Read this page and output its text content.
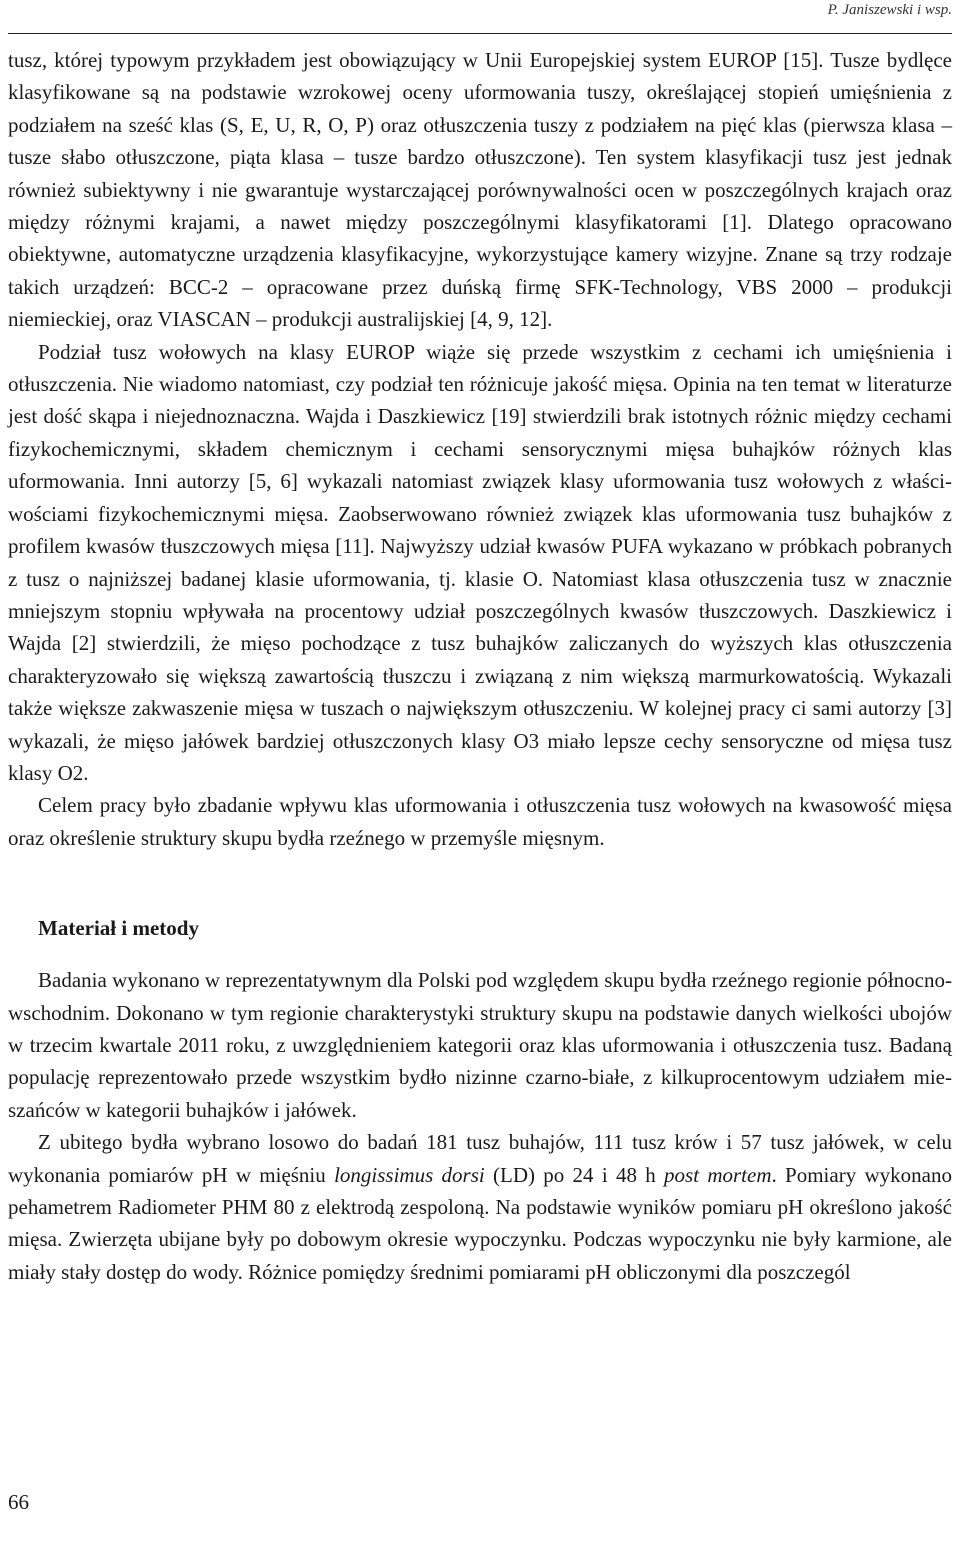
P. Janiszewski i wsp.

tusz, której typowym przykładem jest obowiązujący w Unii Europejskiej system EUROP [15]. Tusze bydlęce klasyfikowane są na podstawie wzrokowej oceny uformowania tuszy, określającej stopień umięśnienia z podziałem na sześć klas (S, E, U, R, O, P) oraz otłuszczenia tuszy z podziałem na pięć klas (pierwsza klasa – tusze słabo otłuszczone, piąta klasa – tusze bardzo otłuszczone). Ten system klasyfikacji tusz jest jednak również subiektywny i nie gwarantuje wystarczającej porównywalności ocen w poszczególnych krajach oraz między różnymi krajami, a nawet między poszczególnymi klasyfikatorami [1]. Dlatego opracowano obiektywne, automatyczne urządzenia klasyfikacyjne, wykorzystujące kamery wizyjne. Znane są trzy rodzaje takich urządzeń: BCC-2 – opracowane przez duńską firmę SFK-Technology, VBS 2000 – produkcji niemieckiej, oraz VIASCAN – produkcji australijskiej [4, 9, 12].

Podział tusz wołowych na klasy EUROP wiąże się przede wszystkim z cechami ich umięśnienia i otłuszczenia. Nie wiadomo natomiast, czy podział ten różnicuje jakość mięsa. Opinia na ten temat w literaturze jest dość skąpa i niejednoznaczna. Wajda i Daszkiewicz [19] stwierdzili brak istotnych różnic między cechami fizykochemicznymi, składem chemicznym i cechami sensorycznymi mięsa buhajków różnych klas uformowania. Inni autorzy [5, 6] wykazali natomiast związek klasy uformowania tusz wołowych z właściwościami fizykochemicznymi mięsa. Zaobserwowano również związek klas uformowania tusz buhajków z profilem kwasów tłuszczowych mięsa [11]. Najwyższy udział kwasów PUFA wykazano w próbkach pobranych z tusz o najniższej badanej klasie uformowania, tj. klasie O. Natomiast klasa otłuszczenia tusz w znacznie mniejszym stopniu wpływała na procentowy udział poszczególnych kwasów tłuszczowych. Daszkiewicz i Wajda [2] stwierdzili, że mięso pochodzące z tusz buhajków zaliczanych do wyższych klas otłuszczenia charakteryzowało się większą zawartością tłuszczu i związaną z nim większą marmurkowatością. Wykazali także większe zakwaszenie mięsa w tuszach o największym otłuszczeniu. W kolejnej pracy ci sami autorzy [3] wykazali, że mięso jałówek bardziej otłuszczonych klasy O3 miało lepsze cechy sensoryczne od mięsa tusz klasy O2.

Celem pracy było zbadanie wpływu klas uformowania i otłuszczenia tusz wołowych na kwasowość mięsa oraz określenie struktury skupu bydła rzeźnego w przemyśle mięsnym.

Materiał i metody

Badania wykonano w reprezentatywnym dla Polski pod względem skupu bydła rzeźnego regionie północno-wschodnim. Dokonano w tym regionie charakterystyki struktury skupu na podstawie danych wielkości ubojów w trzecim kwartale 2011 roku, z uwzględnieniem kategorii oraz klas uformowania i otłuszczenia tusz. Badaną populację reprezentowało przede wszystkim bydło nizinne czarno-białe, z kilkuprocentowym udziałem mieszańców w kategorii buhajków i jałówek.

Z ubitego bydła wybrano losowo do badań 181 tusz buhajów, 111 tusz krów i 57 tusz jałówek, w celu wykonania pomiarów pH w mięśniu longissimus dorsi (LD) po 24 i 48 h post mortem. Pomiary wykonano pehametrem Radiometer PHM 80 z elektrodą zespoloną. Na podstawie wyników pomiaru pH określono jakość mięsa. Zwierzęta ubijane były po dobowym okresie wypoczynku. Podczas wypoczynku nie były karmione, ale miały stały dostęp do wody. Różnice pomiędzy średnimi pomiarami pH obliczonymi dla poszczegól

66
